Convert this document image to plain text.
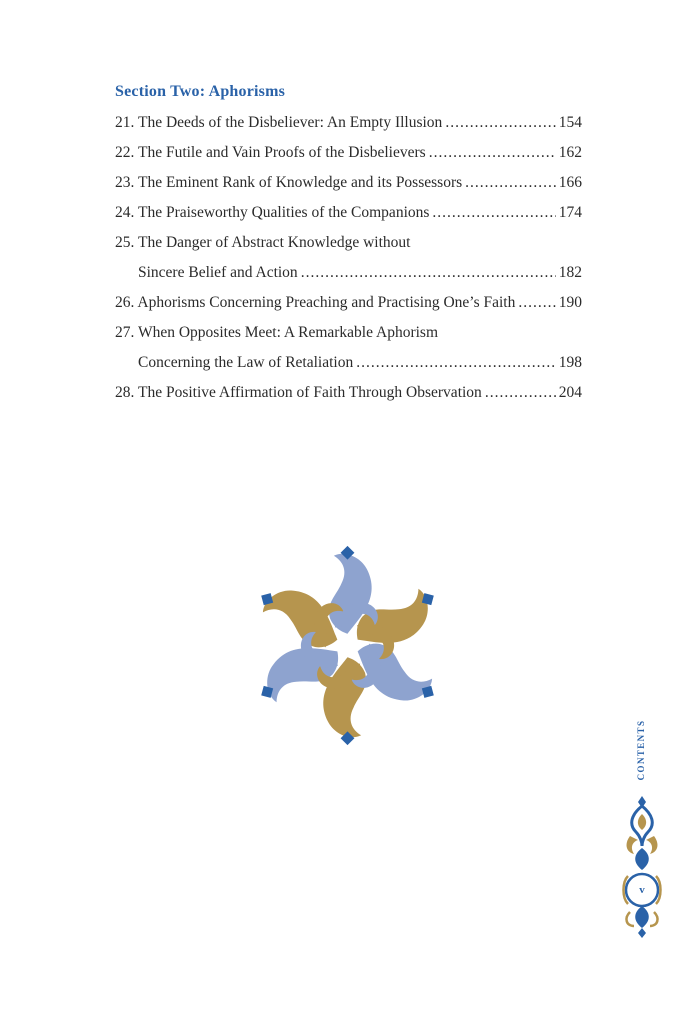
Section Two: Aphorisms
21. The Deeds of the Disbeliever: An Empty Illusion .....	154
22. The Futile and Vain Proofs of the Disbelievers .....	162
23. The Eminent Rank of Knowledge and its Possessors .....	166
24. The Praiseworthy Qualities of the Companions .....	174
25. The Danger of Abstract Knowledge without
Sincere Belief and Action .....	182
26. Aphorisms Concerning Preaching and Practising One’s Faith .....	190
27. When Opposites Meet: A Remarkable Aphorism
Concerning the Law of Retaliation .....	198
28. The Positive Affirmation of Faith Through Observation .....	204
CONTENTS
v
